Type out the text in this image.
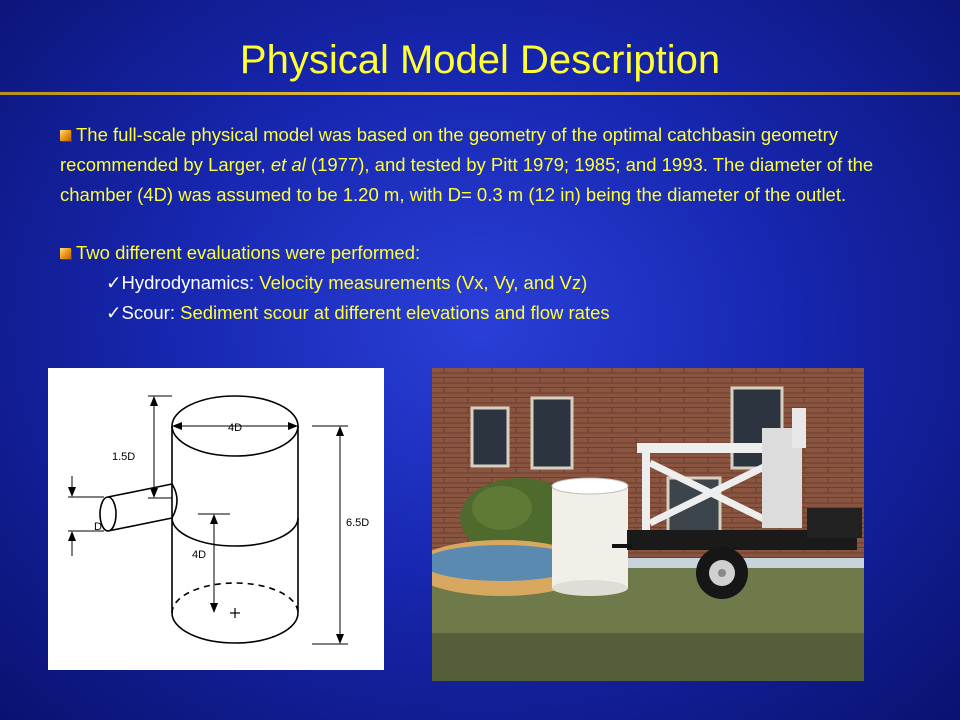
Physical Model Description

The full-scale physical model was based on the geometry of the optimal catchbasin geometry recommended by Larger, et al (1977), and tested by Pitt 1979; 1985; and 1993. The diameter of the chamber (4D) was assumed to be 1.20 m, with D= 0.3 m (12 in) being the diameter of the outlet.

Two different evaluations were performed:

✓Hydrodynamics: Velocity measurements (Vx, Vy, and Vz)
✓Scour: Sediment scour at different elevations and flow rates
4D
1.5D
D
4D
6.5D
